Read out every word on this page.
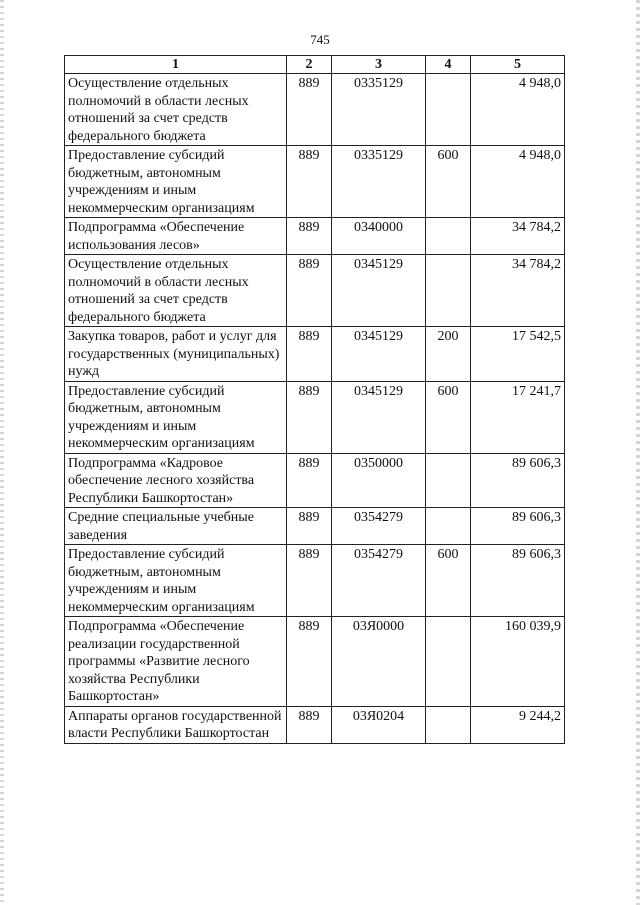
745
1	2	3	4	5
Осуществление отдельных полномочий в области лесных отношений за счет средств федерального бюджета	889	0335129		4 948,0
Предоставление субсидий бюджетным, автономным учреждениям и иным некоммерческим организациям	889	0335129	600	4 948,0
Подпрограмма «Обеспечение использования лесов»	889	0340000		34 784,2
Осуществление отдельных полномочий в области лесных отношений за счет средств федерального бюджета	889	0345129		34 784,2
Закупка товаров, работ и услуг для государственных (муниципальных) нужд	889	0345129	200	17 542,5
Предоставление субсидий бюджетным, автономным учреждениям и иным некоммерческим организациям	889	0345129	600	17 241,7
Подпрограмма «Кадровое обеспечение лесного хозяйства Республики Башкортостан»	889	0350000		89 606,3
Средние специальные учебные заведения	889	0354279		89 606,3
Предоставление субсидий бюджетным, автономным учреждениям и иным некоммерческим организациям	889	0354279	600	89 606,3
Подпрограмма «Обеспечение реализации государственной программы «Развитие лесного хозяйства Республики Башкортостан»	889	03Я0000		160 039,9
Аппараты органов государственной власти Республики Башкортостан	889	03Я0204		9 244,2
